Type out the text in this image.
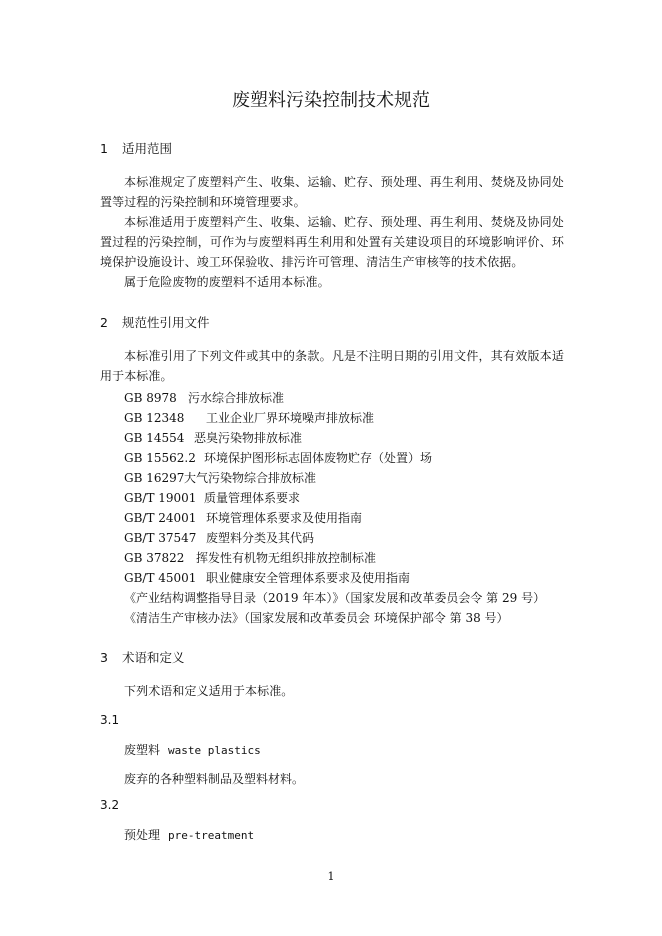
废塑料污染控制技术规范
1 适用范围
本标准规定了废塑料产生、收集、运输、贮存、预处理、再生利用、焚烧及协同处置等过程的污染控制和环境管理要求。
本标准适用于废塑料产生、收集、运输、贮存、预处理、再生利用、焚烧及协同处置过程的污染控制，可作为与废塑料再生利用和处置有关建设项目的环境影响评价、环境保护设施设计、竣工环保验收、排污许可管理、清洁生产审核等的技术依据。
属于危险废物的废塑料不适用本标准。
2 规范性引用文件
本标准引用了下列文件或其中的条款。凡是不注明日期的引用文件，其有效版本适用于本标准。
GB 8978 污水综合排放标准
GB 12348 工业企业厂界环境噪声排放标准
GB 14554 恶臭污染物排放标准
GB 15562.2 环境保护图形标志固体废物贮存（处置）场
GB 16297大气污染物综合排放标准
GB/T 19001 质量管理体系要求
GB/T 24001 环境管理体系要求及使用指南
GB/T 37547 废塑料分类及其代码
GB 37822 挥发性有机物无组织排放控制标准
GB/T 45001 职业健康安全管理体系要求及使用指南
《产业结构调整指导目录（2019 年本）》（国家发展和改革委员会令 第 29 号）
《清洁生产审核办法》（国家发展和改革委员会 环境保护部令 第 38 号）
3 术语和定义
下列术语和定义适用于本标准。
3.1
废塑料 waste plastics
废弃的各种塑料制品及塑料材料。
3.2
预处理 pre-treatment
1
